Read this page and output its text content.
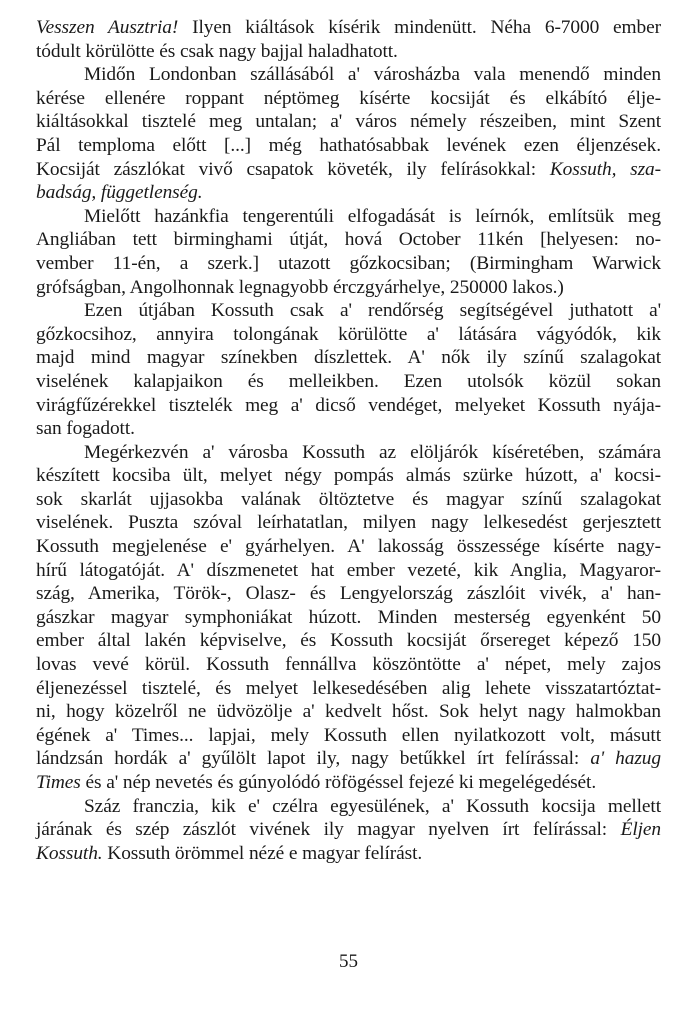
Vesszen Ausztria! Ilyen kiáltások kísérik mindenütt. Néha 6-7000 ember
tódult körülötte és csak nagy bajjal haladhatott.
Midőn Londonban szállásából a' városházba vala menendő minden
kérése ellenére roppant néptömeg kísérte kocsiját és elkábító élje-
kiáltásokkal tisztelé meg untalan; a' város némely részeiben, mint Szent
Pál temploma előtt [...] még hathatósabbak levének ezen éljenzések.
Kocsiját zászlókat vivő csapatok követék, ily felírásokkal: Kossuth, sza-
badság, függetlenség.
Mielőtt hazánkfia tengerentúli elfogadását is leírnók, említsük meg
Angliában tett birminghami útját, hová October 11kén [helyesen: no-
vember 11-én, a szerk.] utazott gőzkocsiban; (Birmingham Warwick
grófságban, Angolhonnak legnagyobb érczgyárhelye, 250000 lakos.)
Ezen útjában Kossuth csak a' rendőrség segítségével juthatott a'
gőzkocsihoz, annyira tolongának körülötte a' látására vágyódók, kik
majd mind magyar színekben díszlettek. A' nők ily színű szalagokat
viselének kalapjaikon és melleikben. Ezen utolsók közül sokan
virágfűzérekkel tisztelék meg a' dicső vendéget, melyeket Kossuth nyája-
san fogadott.
Megérkezvén a' városba Kossuth az elöljárók kíséretében, számára
készített kocsiba ült, melyet négy pompás almás szürke húzott, a' kocsi-
sok skarlát ujjasokba valának öltöztetve és magyar színű szalagokat
viselének. Puszta szóval leírhatatlan, milyen nagy lelkesedést gerjesztett
Kossuth megjelenése e' gyárhelyen. A' lakosság összessége kísérte nagy-
hírű látogatóját. A' díszmenetet hat ember vezeté, kik Anglia, Magyaror-
szág, Amerika, Török-, Olasz- és Lengyelország zászlóit vivék, a' han-
gászkar magyar symphoniákat húzott. Minden mesterség egyenként 50
ember által lakén képviselve, és Kossuth kocsiját őrsereget képező 150
lovas vevé körül. Kossuth fennállva köszöntötte a' népet, mely zajos
éljenezéssel tisztelé, és melyet lelkesedésében alig lehete visszatartóztat-
ni, hogy közelről ne üdvözölje a' kedvelt hőst. Sok helyt nagy halmokban
égének a' Times... lapjai, mely Kossuth ellen nyilatkozott volt, másutt
lándzsán hordák a' gyűlölt lapot ily, nagy betűkkel írt felírással: a' hazug
Times és a' nép nevetés és gúnyolódó röfögéssel fejezé ki megelégedését.
Száz franczia, kik e' czélra egyesülének, a' Kossuth kocsija mellett
járának és szép zászlót vivének ily magyar nyelven írt felírással: Éljen
Kossuth. Kossuth örömmel nézé e magyar felírást.
55
